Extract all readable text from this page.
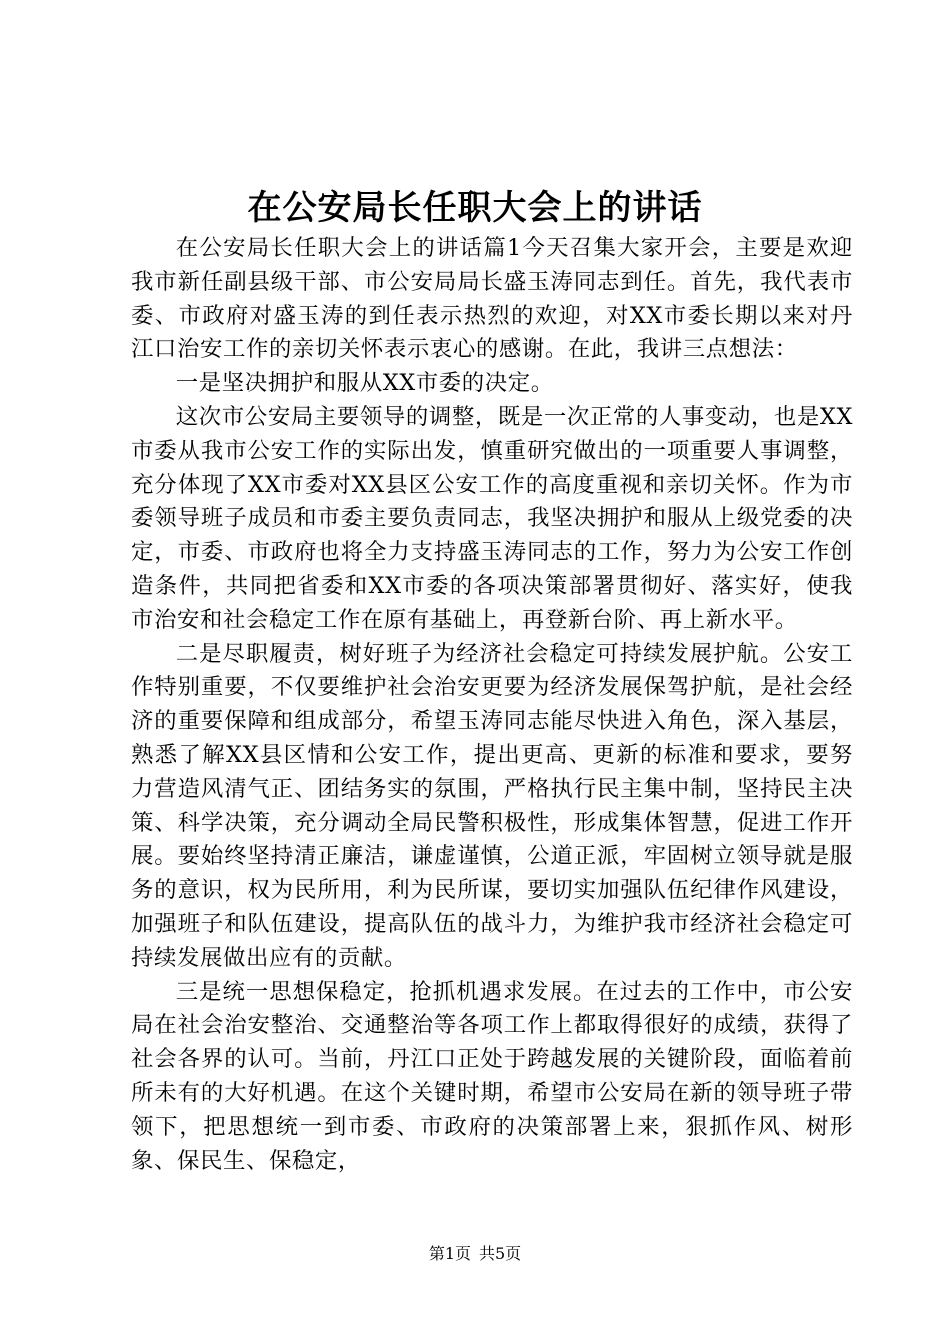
在公安局长任职大会上的讲话

在公安局长任职大会上的讲话篇1今天召集大家开会，主要是欢迎我市新任副县级干部、市公安局局长盛玉涛同志到任。首先，我代表市委、市政府对盛玉涛的到任表示热烈的欢迎，对XX市委长期以来对丹江口治安工作的亲切关怀表示衷心的感谢。在此，我讲三点想法：

一是坚决拥护和服从XX市委的决定。

这次市公安局主要领导的调整，既是一次正常的人事变动，也是XX市委从我市公安工作的实际出发，慎重研究做出的一项重要人事调整，充分体现了XX市委对XX县区公安工作的高度重视和亲切关怀。作为市委领导班子成员和市委主要负责同志，我坚决拥护和服从上级党委的决定，市委、市政府也将全力支持盛玉涛同志的工作，努力为公安工作创造条件，共同把省委和XX市委的各项决策部署贯彻好、落实好，使我市治安和社会稳定工作在原有基础上，再登新台阶、再上新水平。

二是尽职履责，树好班子为经济社会稳定可持续发展护航。公安工作特别重要，不仅要维护社会治安更要为经济发展保驾护航，是社会经济的重要保障和组成部分，希望玉涛同志能尽快进入角色，深入基层，熟悉了解XX县区情和公安工作，提出更高、更新的标准和要求，要努力营造风清气正、团结务实的氛围，严格执行民主集中制，坚持民主决策、科学决策，充分调动全局民警积极性，形成集体智慧，促进工作开展。要始终坚持清正廉洁，谦虚谨慎，公道正派，牢固树立领导就是服务的意识，权为民所用，利为民所谋，要切实加强队伍纪律作风建设，加强班子和队伍建设，提高队伍的战斗力，为维护我市经济社会稳定可持续发展做出应有的贡献。

三是统一思想保稳定，抢抓机遇求发展。在过去的工作中，市公安局在社会治安整治、交通整治等各项工作上都取得很好的成绩，获得了社会各界的认可。当前，丹江口正处于跨越发展的关键阶段，面临着前所未有的大好机遇。在这个关键时期，希望市公安局在新的领导班子带领下，把思想统一到市委、市政府的决策部署上来，狠抓作风、树形象、保民生、保稳定，

第1页 共5页
